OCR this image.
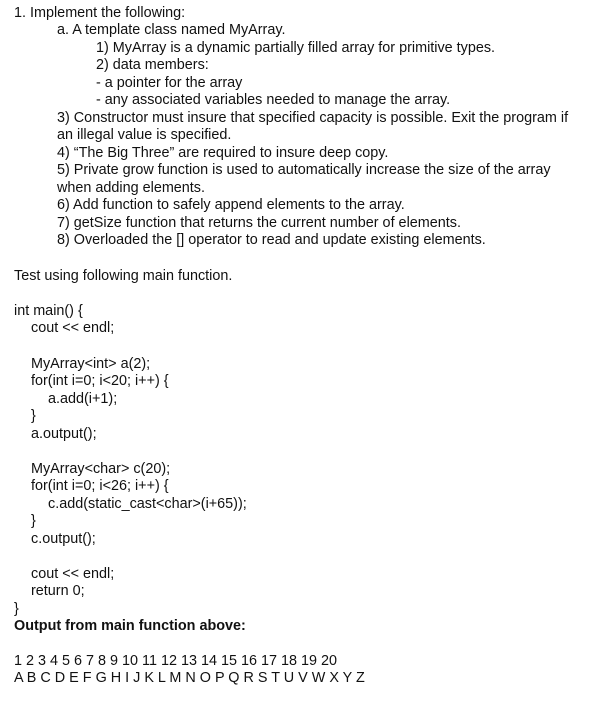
1. Implement the following:
a. A template class named MyArray.
1) MyArray is a dynamic partially filled array for primitive types.
2) data members:
- a pointer for the array
- any associated variables needed to manage the array.
3) Constructor must insure that specified capacity is possible. Exit the program if
an illegal value is specified.
4) “The Big Three” are required to insure deep copy.
5) Private grow function is used to automatically increase the size of the array
when adding elements.
6) Add function to safely append elements to the array.
7) getSize function that returns the current number of elements.
8) Overloaded the [] operator to read and update existing elements.
Test using following main function.
int main() {
cout << endl;
MyArray<int> a(2);
for(int i=0; i<20; i++) {
a.add(i+1);
}
a.output();
MyArray<char> c(20);
for(int i=0; i<26; i++) {
c.add(static_cast<char>(i+65));
}
c.output();
cout << endl;
return 0;
}
Output from main function above:
1 2 3 4 5 6 7 8 9 10 11 12 13 14 15 16 17 18 19 20
A B C D E F G H I J K L M N O P Q R S T U V W X Y Z
